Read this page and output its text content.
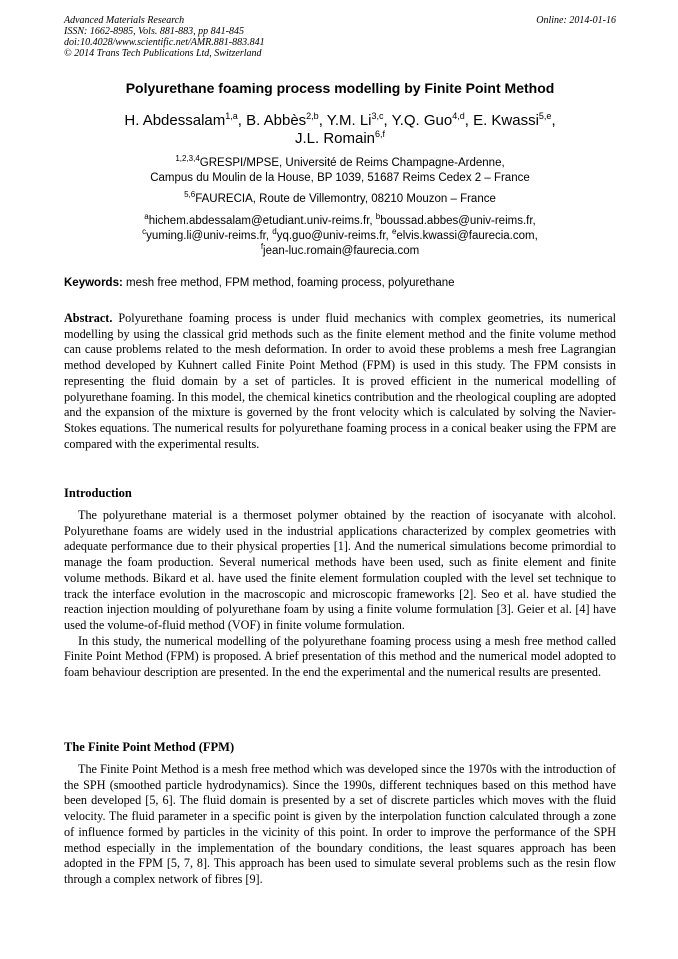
Advanced Materials Research
ISSN: 1662-8985, Vols. 881-883, pp 841-845
doi:10.4028/www.scientific.net/AMR.881-883.841
© 2014 Trans Tech Publications Ltd, Switzerland
Online: 2014-01-16
Polyurethane foaming process modelling by Finite Point Method
H. Abdessalam$^{1,a}$, B. Abbès$^{2,b}$, Y.M. Li$^{3,c}$, Y.Q. Guo$^{4,d}$, E. Kwassi$^{5,e}$,
J.L. Romain$^{6,f}$
$^{1,2,3,4}$GRESPI/MPSE, Université de Reims Champagne-Ardenne,
Campus du Moulin de la House, BP 1039, 51687 Reims Cedex 2 – France
$^{5,6}$FAURECIA, Route de Villemontry, 08210 Mouzon – France
$^a$hichem.abdessalam@etudiant.univ-reims.fr, $^b$boussad.abbes@univ-reims.fr,
$^c$yuming.li@univ-reims.fr, $^d$yq.guo@univ-reims.fr, $^e$elvis.kwassi@faurecia.com,
$^f$jean-luc.romain@faurecia.com
Keywords: mesh free method, FPM method, foaming process, polyurethane

Abstract. Polyurethane foaming process is under fluid mechanics with complex geometries, its numerical modelling by using the classical grid methods such as the finite element method and the finite volume method can cause problems related to the mesh deformation. In order to avoid these problems a mesh free Lagrangian method developed by Kuhnert called Finite Point Method (FPM) is used in this study. The FPM consists in representing the fluid domain by a set of particles. It is proved efficient in the numerical modelling of polyurethane foaming. In this model, the chemical kinetics contribution and the rheological coupling are adopted and the expansion of the mixture is governed by the front velocity which is calculated by solving the Navier-Stokes equations. The numerical results for polyurethane foaming process in a conical beaker using the FPM are compared with the experimental results.

Introduction

The polyurethane material is a thermoset polymer obtained by the reaction of isocyanate with alcohol. Polyurethane foams are widely used in the industrial applications characterized by complex geometries with adequate performance due to their physical properties [1]. And the numerical simulations become primordial to manage the foam production. Several numerical methods have been used, such as finite element and finite volume methods. Bikard et al. have used the finite element formulation coupled with the level set technique to track the interface evolution in the macroscopic and microscopic frameworks [2]. Seo et al. have studied the reaction injection moulding of polyurethane foam by using a finite volume formulation [3]. Geier et al. [4] have used the volume-of-fluid method (VOF) in finite volume formulation.

In this study, the numerical modelling of the polyurethane foaming process using a mesh free method called Finite Point Method (FPM) is proposed. A brief presentation of this method and the numerical model adopted to foam behaviour description are presented. In the end the experimental and the numerical results are presented.

The Finite Point Method (FPM)

The Finite Point Method is a mesh free method which was developed since the 1970s with the introduction of the SPH (smoothed particle hydrodynamics). Since the 1990s, different techniques based on this method have been developed [5, 6]. The fluid domain is presented by a set of discrete particles which moves with the fluid velocity. The fluid parameter in a specific point is given by the interpolation function calculated through a zone of influence formed by particles in the vicinity of this point. In order to improve the performance of the SPH method especially in the implementation of the boundary conditions, the least squares approach has been adopted in the FPM [5, 7, 8]. This approach has been used to simulate several problems such as the resin flow through a complex network of fibres [9].
